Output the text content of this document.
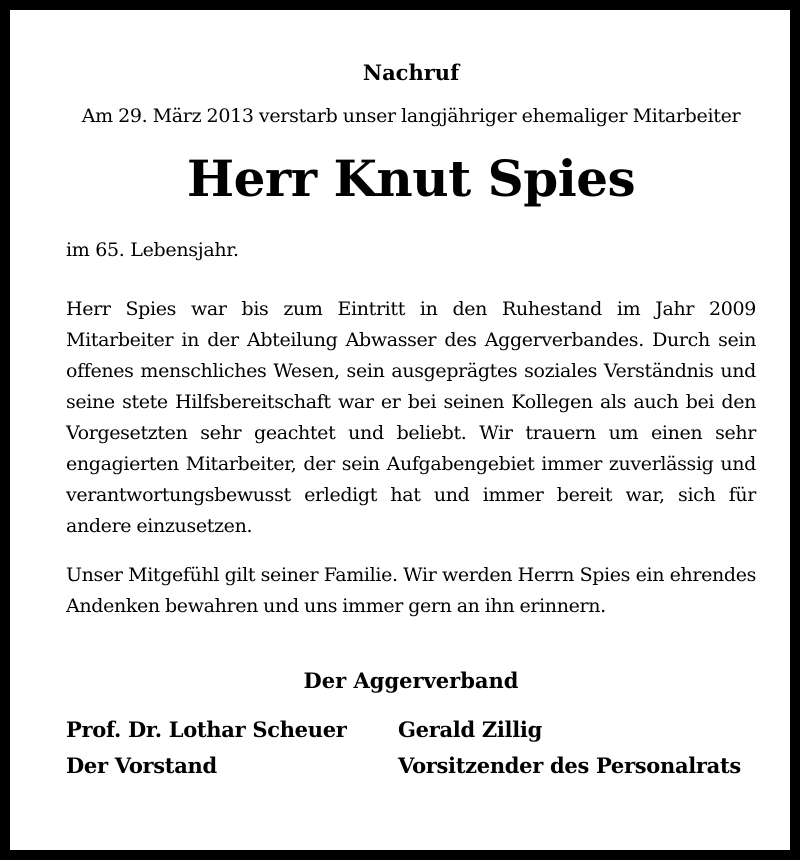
Nachruf
Am 29. März 2013 verstarb unser langjähriger ehemaliger Mitarbeiter
Herr Knut Spies
im 65. Lebensjahr.

Herr Spies war bis zum Eintritt in den Ruhestand im Jahr 2009 Mitarbeiter in der Abteilung Abwasser des Aggerverbandes. Durch sein offenes menschliches Wesen, sein ausgeprägtes soziales Verständnis und seine stete Hilfsbereitschaft war er bei seinen Kollegen als auch bei den Vorgesetzten sehr geachtet und beliebt. Wir trauern um einen sehr engagierten Mitarbeiter, der sein Aufgabengebiet immer zuverlässig und verantwortungsbewusst erledigt hat und immer bereit war, sich für andere einzusetzen.

Unser Mitgefühl gilt seiner Familie. Wir werden Herrn Spies ein ehrendes Andenken bewahren und uns immer gern an ihn erinnern.

Der Aggerverband
Prof. Dr. Lothar Scheuer	Gerald Zillig
Der Vorstand	Vorsitzender des Personalrats
